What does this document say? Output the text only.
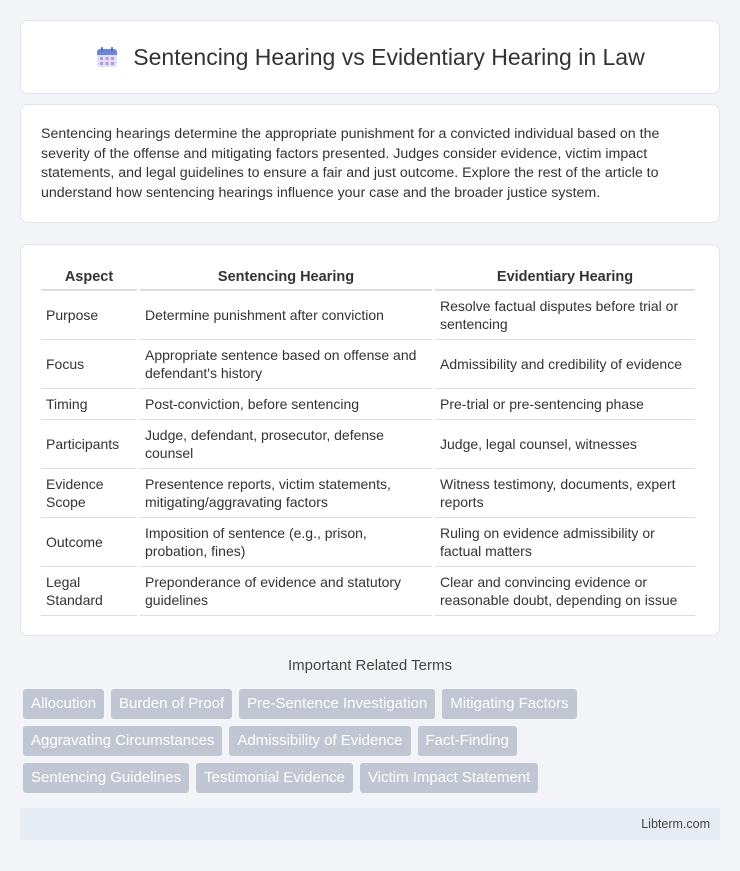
Sentencing Hearing vs Evidentiary Hearing in Law

Sentencing hearings determine the appropriate punishment for a convicted individual based on the severity of the offense and mitigating factors presented. Judges consider evidence, victim impact statements, and legal guidelines to ensure a fair and just outcome. Explore the rest of the article to understand how sentencing hearings influence your case and the broader justice system.

Aspect	Sentencing Hearing	Evidentiary Hearing
Purpose	Determine punishment after conviction	Resolve factual disputes before trial or sentencing
Focus	Appropriate sentence based on offense and defendant's history	Admissibility and credibility of evidence
Timing	Post-conviction, before sentencing	Pre-trial or pre-sentencing phase
Participants	Judge, defendant, prosecutor, defense counsel	Judge, legal counsel, witnesses
Evidence Scope	Presentence reports, victim statements, mitigating/aggravating factors	Witness testimony, documents, expert reports
Outcome	Imposition of sentence (e.g., prison, probation, fines)	Ruling on evidence admissibility or factual matters
Legal Standard	Preponderance of evidence and statutory guidelines	Clear and convincing evidence or reasonable doubt, depending on issue
Important Related Terms
Allocution	Burden of Proof	Pre-Sentence Investigation	Mitigating Factors
Aggravating Circumstances	Admissibility of Evidence	Fact-Finding
Sentencing Guidelines	Testimonial Evidence	Victim Impact Statement
Libterm.com
